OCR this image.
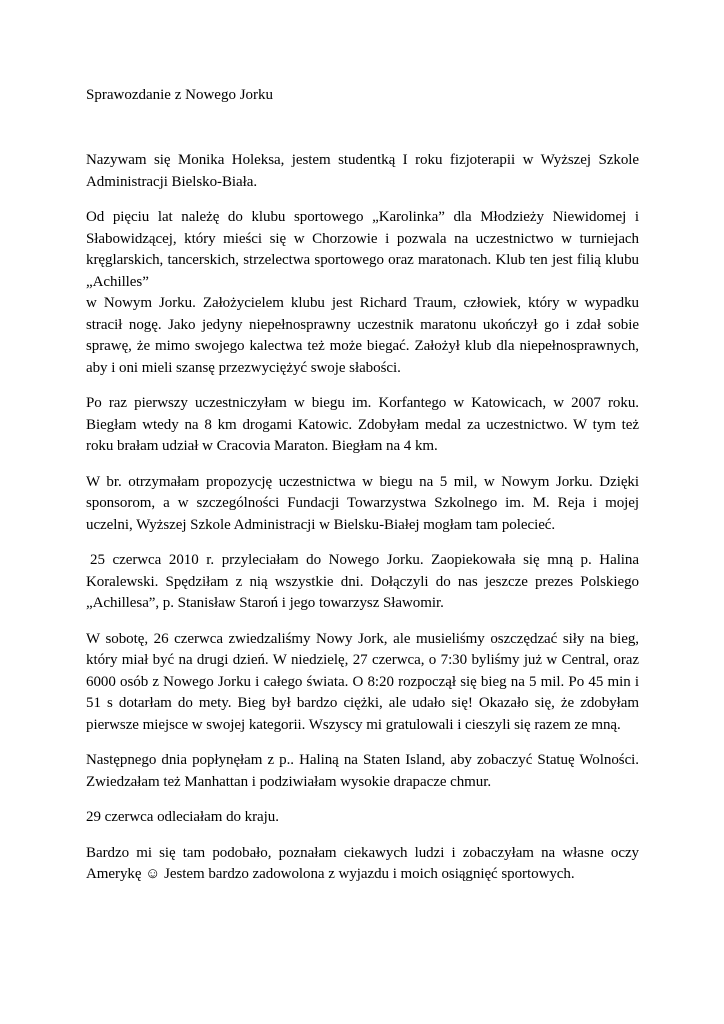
Sprawozdanie z Nowego Jorku

Nazywam się Monika Holeksa, jestem studentką I roku fizjoterapii w Wyższej Szkole Administracji Bielsko-Biała.

Od pięciu lat należę do klubu sportowego „Karolinka” dla Młodzieży Niewidomej i Słabowidzącej, który mieści się w Chorzowie i pozwala na uczestnictwo w turniejach kręglarskich, tancerskich, strzelectwa sportowego oraz maratonach. Klub ten jest filią klubu „Achilles”
w Nowym Jorku. Założycielem klubu jest Richard Traum, człowiek, który w wypadku stracił nogę. Jako jedyny niepełnosprawny uczestnik maratonu ukończył go i zdał sobie sprawę, że mimo swojego kalectwa też może biegać. Założył klub dla niepełnosprawnych, aby i oni mieli szansę przezwyciężyć swoje słabości.

Po raz pierwszy uczestniczyłam w biegu im. Korfantego w Katowicach, w 2007 roku. Biegłam wtedy na 8 km drogami Katowic. Zdobyłam medal za uczestnictwo. W tym też roku brałam udział w Cracovia Maraton. Biegłam na 4 km.

W br. otrzymałam propozycję uczestnictwa w biegu na 5 mil, w Nowym Jorku. Dzięki sponsorom, a w szczególności Fundacji Towarzystwa Szkolnego im. M. Reja i mojej uczelni, Wyższej Szkole Administracji w Bielsku-Białej mogłam tam polecieć.

25 czerwca 2010 r. przyleciałam do Nowego Jorku. Zaopiekowała się mną p. Halina Koralewski. Spędziłam z nią wszystkie dni. Dołączyli do nas jeszcze prezes Polskiego „Achillesa”, p. Stanisław Staroń i jego towarzysz Sławomir.

W sobotę, 26 czerwca zwiedzaliśmy Nowy Jork, ale musieliśmy oszczędzać siły na bieg, który miał być na drugi dzień. W niedzielę, 27 czerwca, o 7:30 byliśmy już w Central, oraz 6000 osób z Nowego Jorku i całego świata. O 8:20 rozpoczął się bieg na 5 mil. Po 45 min i 51 s dotarłam do mety. Bieg był bardzo ciężki, ale udało się! Okazało się, że zdobyłam pierwsze miejsce w swojej kategorii. Wszyscy mi gratulowali i cieszyli się razem ze mną.

Następnego dnia popłynęłam z p.. Haliną na Staten Island, aby zobaczyć Statuę Wolności. Zwiedzałam też Manhattan i podziwiałam wysokie drapacze chmur.

29 czerwca odleciałam do kraju.

Bardzo mi się tam podobało, poznałam ciekawych ludzi i zobaczyłam na własne oczy Amerykę ☺ Jestem bardzo zadowolona z wyjazdu i moich osiągnięć sportowych.
